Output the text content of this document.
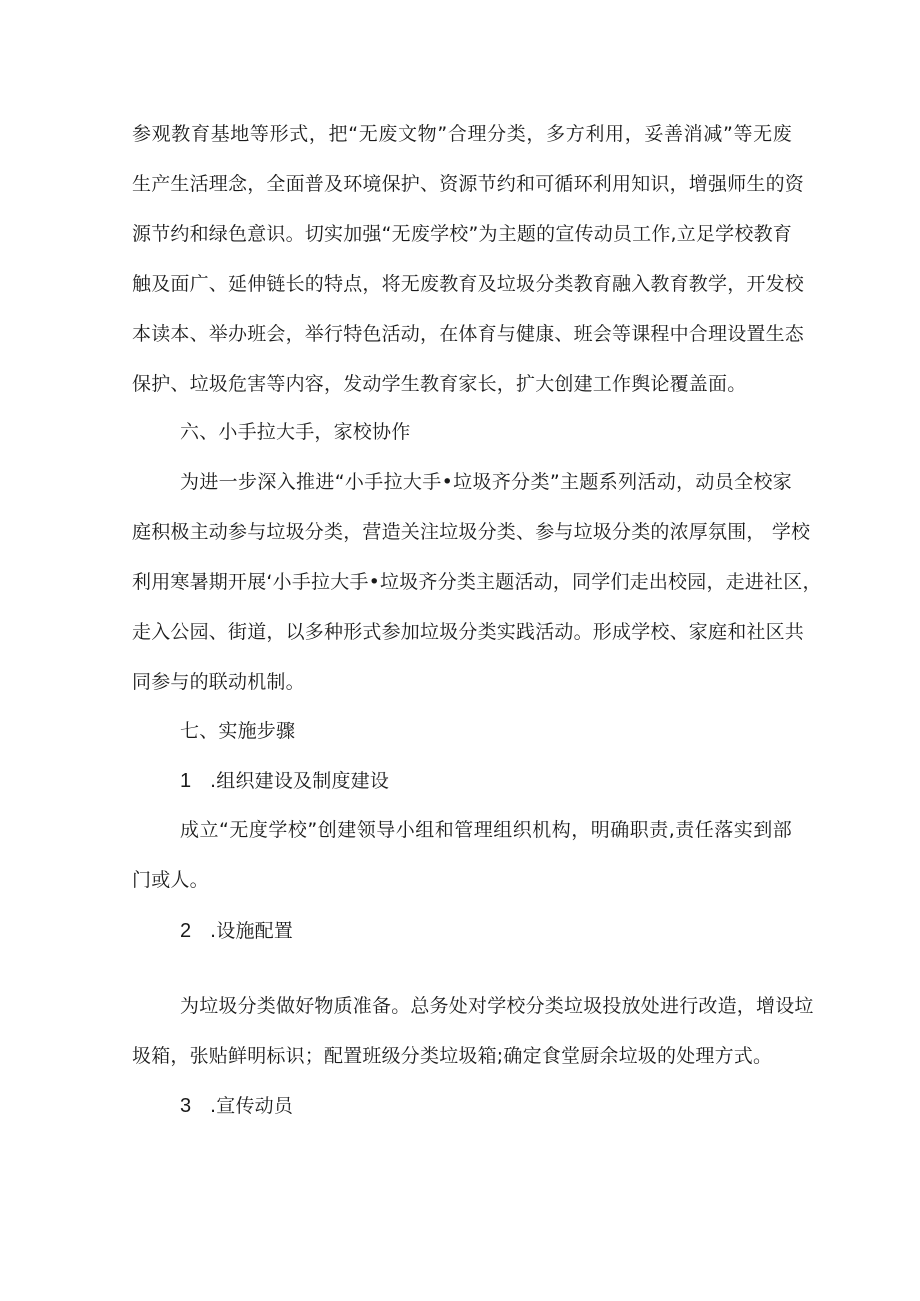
参观教育基地等形式，把“无废文物”合理分类，多方利用，妥善消减”等无废
生产生活理念，全面普及环境保护、资源节约和可循环利用知识，增强师生的资
源节约和绿色意识。切实加强“无废学校”为主题的宣传动员工作,立足学校教育
触及面广、延伸链长的特点，将无废教育及垃圾分类教育融入教育教学，开发校
本读本、举办班会，举行特色活动，在体育与健康、班会等课程中合理设置生态
保护、垃圾危害等内容，发动学生教育家长，扩大创建工作舆论覆盖面。
六、小手拉大手，家校协作
为进一步深入推进“小手拉大手•垃圾齐分类”主题系列活动，动员全校家
庭积极主动参与垃圾分类，营造关注垃圾分类、参与垃圾分类的浓厚氛围， 学校
利用寒暑期开展‘小手拉大手•垃圾齐分类主题活动，同学们走出校园，走进社区，
走入公园、街道，以多种形式参加垃圾分类实践活动。形成学校、家庭和社区共
同参与的联动机制。
七、实施步骤
1 .组织建设及制度建设
成立“无度学校”创建领导小组和管理组织机构，明确职责,责任落实到部
门或人。
2 .设施配置
为垃圾分类做好物质准备。总务处对学校分类垃圾投放处进行改造，增设垃
圾箱，张贴鲜明标识；配置班级分类垃圾箱;确定食堂厨余垃圾的处理方式。
3 .宣传动员
